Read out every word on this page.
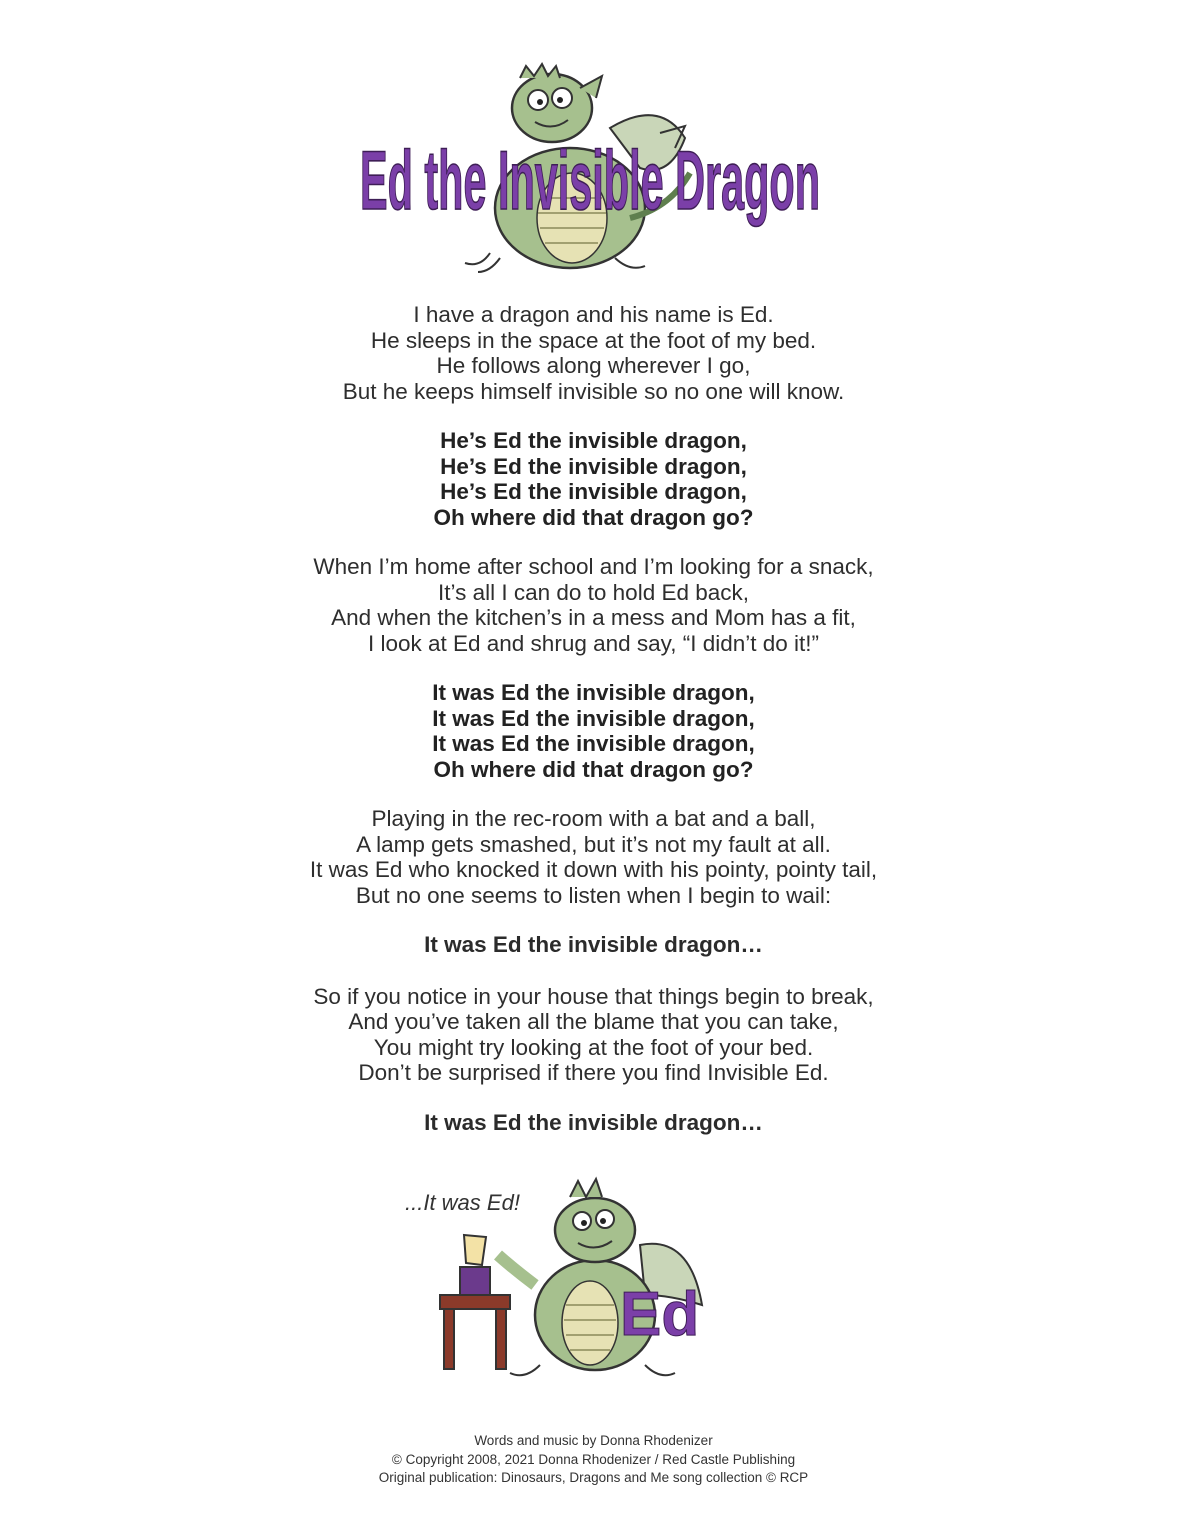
Ed the Invisible Dragon
I have a dragon and his name is Ed.
He sleeps in the space at the foot of my bed.
He follows along wherever I go,
But he keeps himself invisible so no one will know.
He’s Ed the invisible dragon,
He’s Ed the invisible dragon,
He’s Ed the invisible dragon,
Oh where did that dragon go?
When I’m home after school and I’m looking for a snack,
It’s all I can do to hold Ed back,
And when the kitchen’s in a mess and Mom has a fit,
I look at Ed and shrug and say, “I didn’t do it!”
It was Ed the invisible dragon,
It was Ed the invisible dragon,
It was Ed the invisible dragon,
Oh where did that dragon go?
Playing in the rec-room with a bat and a ball,
A lamp gets smashed, but it’s not my fault at all.
It was Ed who knocked it down with his pointy, pointy tail,
But no one seems to listen when I begin to wail:
It was Ed the invisible dragon…
So if you notice in your house that things begin to break,
And you’ve taken all the blame that you can take,
You might try looking at the foot of your bed.
Don’t be surprised if there you find Invisible Ed.
It was Ed the invisible dragon…
...It was Ed!
Ed
Words and music by Donna Rhodenizer
© Copyright 2008, 2021 Donna Rhodenizer / Red Castle Publishing
Original publication: Dinosaurs, Dragons and Me song collection © RCP
